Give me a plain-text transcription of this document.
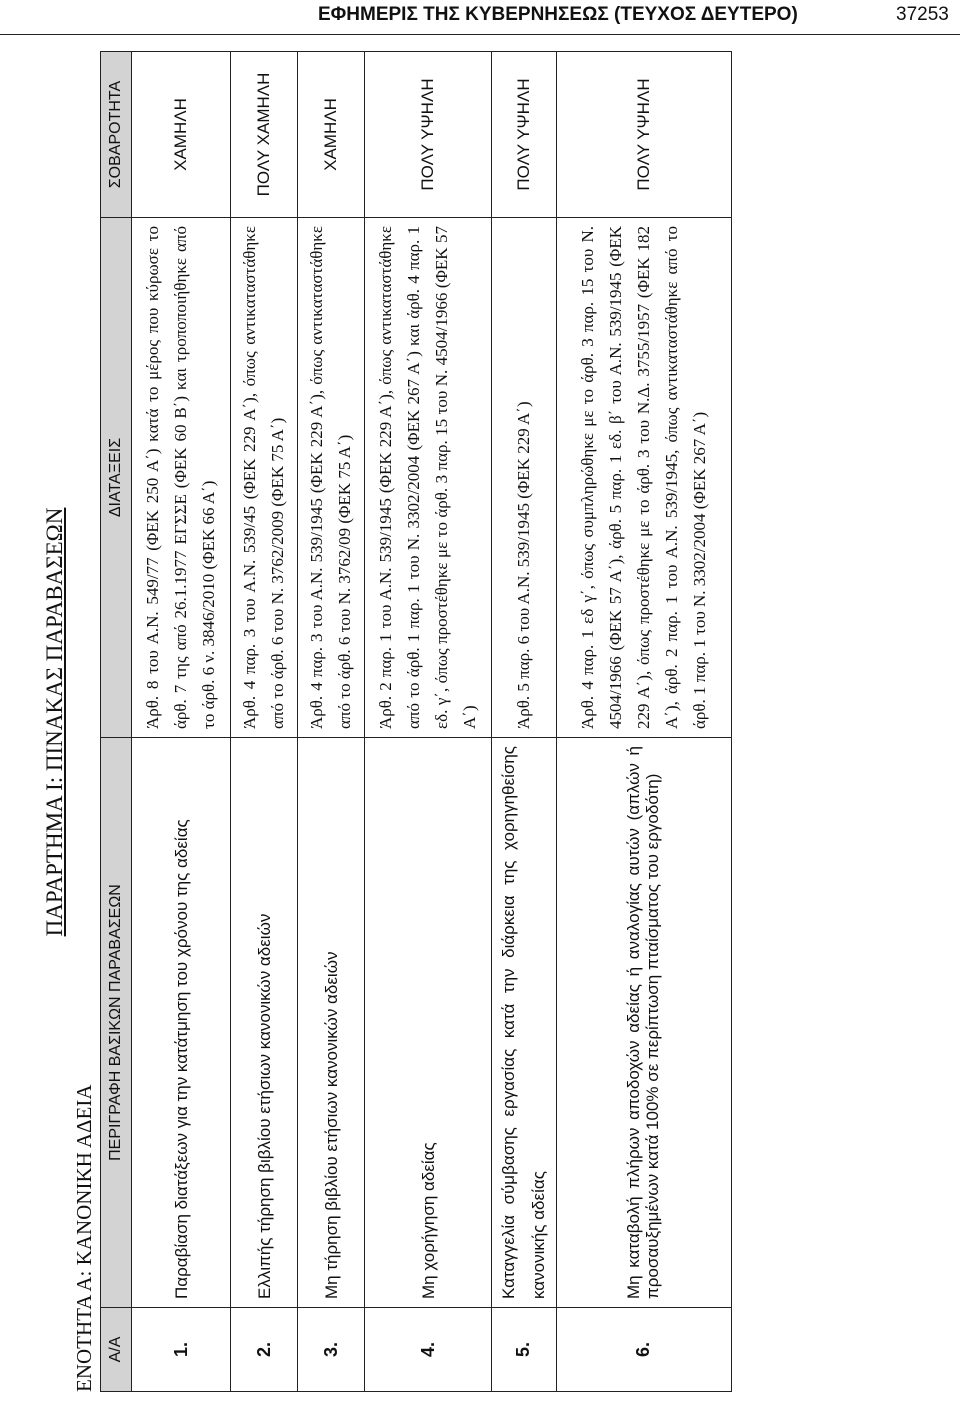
ΕΦΗΜΕΡΙΣ ΤΗΣ ΚΥΒΕΡΝΗΣΕΩΣ (ΤΕΥΧΟΣ ΔΕΥΤΕΡΟ)	37253
ΠΑΡΑΡΤΗΜΑ Ι: ΠΙΝΑΚΑΣ ΠΑΡΑΒΑΣΕΩΝ
ΕΝΟΤΗΤΑ Α: ΚΑΝΟΝΙΚΗ ΑΔΕΙΑ Α/Α	ΠΕΡΙΓΡΑΦΗ ΒΑΣΙΚΩΝ ΠΑΡΑΒΑΣΕΩΝ	ΔΙΑΤΑΞΕΙΣ	ΣΟΒΑΡΟΤΗΤΑ
1.	Παραβίαση διατάξεων για την κατάτμηση του χρόνου της αδείας	Άρθ. 8 του Α.Ν. 549/77 (ΦΕΚ 250 Α΄) κατά το μέρος που κύρωσε το άρθ. 7 της από 26.1.1977 ΕΓΣΣΕ (ΦΕΚ 60 Β΄) και τροποποιήθηκε από το άρθ. 6 ν. 3846/2010 (ΦΕΚ 66 Α΄)	ΧΑΜΗΛΗ
2.	Ελλιπής τήρηση βιβλίου ετήσιων κανονικών αδειών	Άρθ. 4 παρ. 3 του Α.Ν. 539/45 (ΦΕΚ 229 Α΄), όπως αντικαταστάθηκε από το άρθ. 6 του Ν. 3762/2009 (ΦΕΚ 75 Α΄)	ΠΟΛΥ ΧΑΜΗΛΗ
3.	Μη τήρηση βιβλίου ετήσιων κανονικών αδειών	Άρθ. 4 παρ. 3 του Α.Ν. 539/1945 (ΦΕΚ 229 Α΄), όπως αντικαταστάθηκε από το άρθ. 6 του Ν. 3762/09 (ΦΕΚ 75 Α΄)	ΧΑΜΗΛΗ
4.	Μη χορήγηση αδείας	Άρθ. 2 παρ. 1 του Α.Ν. 539/1945 (ΦΕΚ 229 Α΄), όπως αντικαταστάθηκε από το άρθ. 1 παρ. 1 του Ν. 3302/2004 (ΦΕΚ 267 Α΄) και άρθ. 4 παρ. 1 εδ. γ΄, όπως προστέθηκε με το άρθ. 3 παρ. 15 του Ν. 4504/1966 (ΦΕΚ 57 Α΄)	ΠΟΛΥ ΥΨΗΛΗ
5.	Καταγγελία σύμβασης εργασίας κατά την διάρκεια της χορηγηθείσης κανονικής αδείας	Άρθ. 5 παρ. 6 του Α.Ν. 539/1945 (ΦΕΚ 229 Α΄)	ΠΟΛΥ ΥΨΗΛΗ
6.	Μη καταβολή πλήρων αποδοχών αδείας ή αναλογίας αυτών (απλών ή προσαυξημένων κατά 100% σε περίπτωση πταίσματος του εργοδότη)	Άρθ. 4 παρ. 1 εδ γ΄, όπως συμπληρώθηκε με το άρθ. 3 παρ. 15 του Ν. 4504/1966 (ΦΕΚ 57 Α΄), άρθ. 5 παρ. 1 εδ. β΄ του Α.Ν. 539/1945 (ΦΕΚ 229 Α΄), όπως προστέθηκε με το άρθ. 3 του Ν.Δ. 3755/1957 (ΦΕΚ 182 Α΄), άρθ. 2 παρ. 1 του Α.Ν. 539/1945, όπως αντικαταστάθηκε από το άρθ. 1 παρ. 1 του Ν. 3302/2004 (ΦΕΚ 267 Α΄)	ΠΟΛΥ ΥΨΗΛΗ
